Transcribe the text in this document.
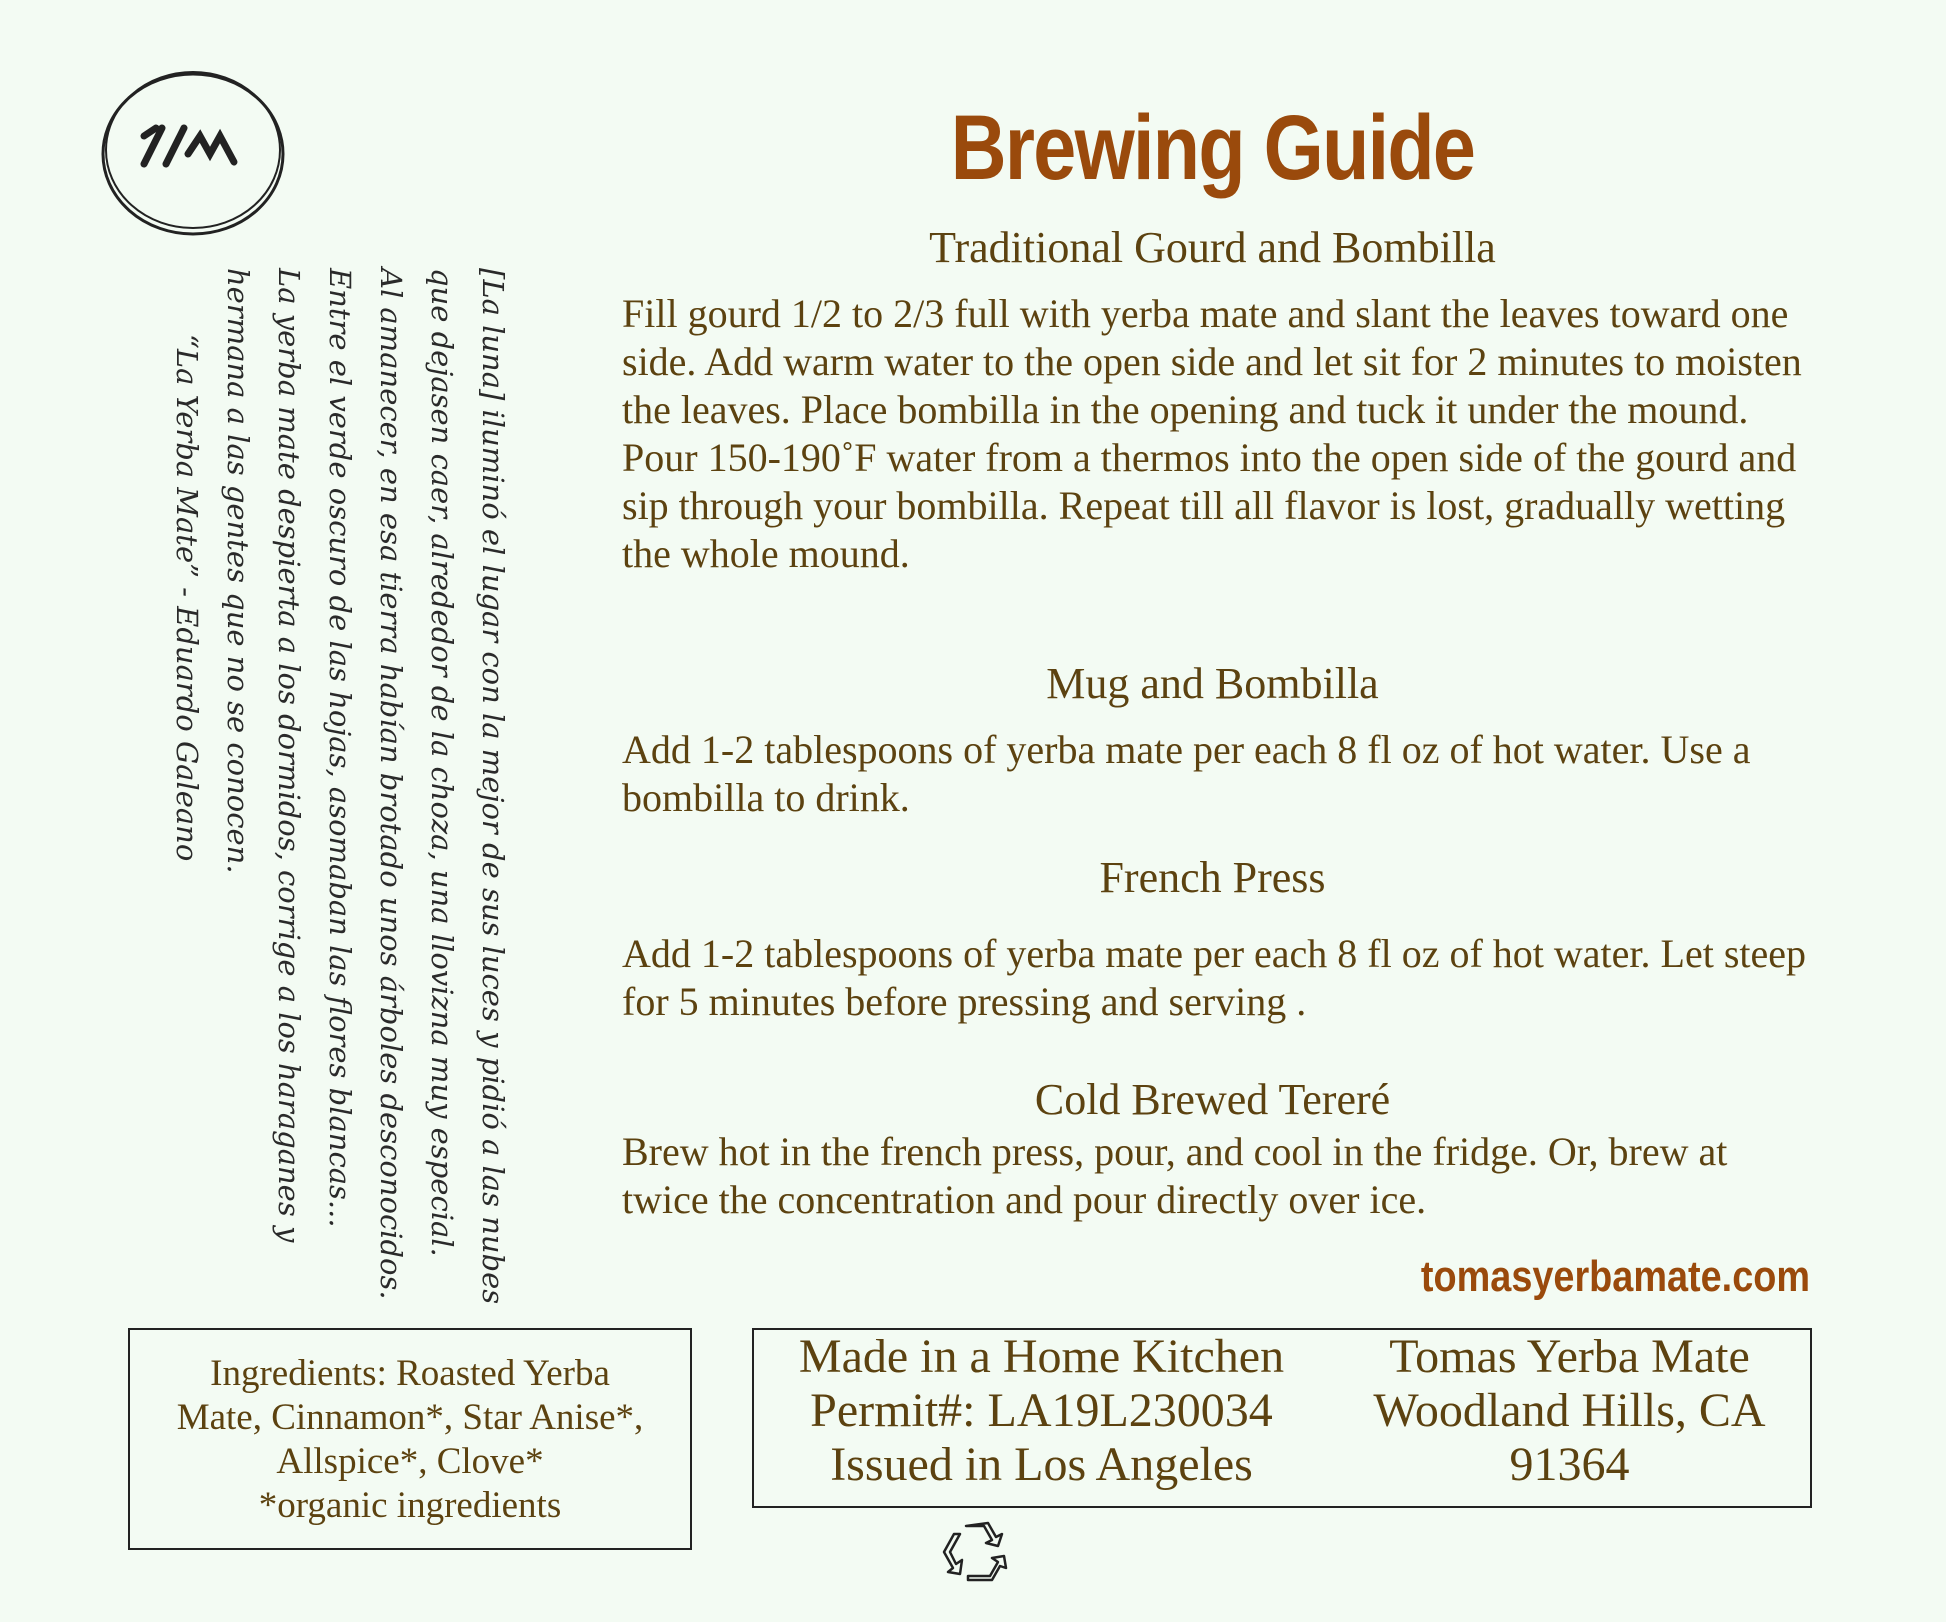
[La luna] iluminó el lugar con la mejor de sus luces y pidió a las nubes
que dejasen caer, alrededor de la choza, una llovizna muy especial.
Al amanecer, en esa tierra habían brotado unos árboles desconocidos.
Entre el verde oscuro de las hojas, asomaban las flores blancas...
La yerba mate despierta a los dormidos, corrige a los haraganes y
hermana a las gentes que no se conocen.
“La Yerba Mate” - Eduardo Galeano
Brewing Guide
Traditional Gourd and Bombilla

Fill gourd 1/2 to 2/3 full with yerba mate and slant the leaves toward one side. Add warm water to the open side and let sit for 2 minutes to moisten the leaves. Place bombilla in the opening and tuck it under the mound. Pour 150-190˚F water from a thermos into the open side of the gourd and sip through your bombilla. Repeat till all flavor is lost, gradually wetting the whole mound.

Mug and Bombilla

Add 1-2 tablespoons of yerba mate per each 8 fl oz of hot water. Use a bombilla to drink.

French Press

Add 1-2 tablespoons of yerba mate per each 8 fl oz of hot water. Let steep for 5 minutes before pressing and serving .

Cold Brewed Tereré

Brew hot in the french press, pour, and cool in the fridge. Or, brew at twice the concentration and pour directly over ice.

tomasyerbamate.com
Ingredients: Roasted Yerba
Mate, Cinnamon*, Star Anise*,
Allspice*, Clove*
*organic ingredients
Made in a Home Kitchen
Permit#: LA19L230034
Issued in Los Angeles
Tomas Yerba Mate
Woodland Hills, CA
91364
